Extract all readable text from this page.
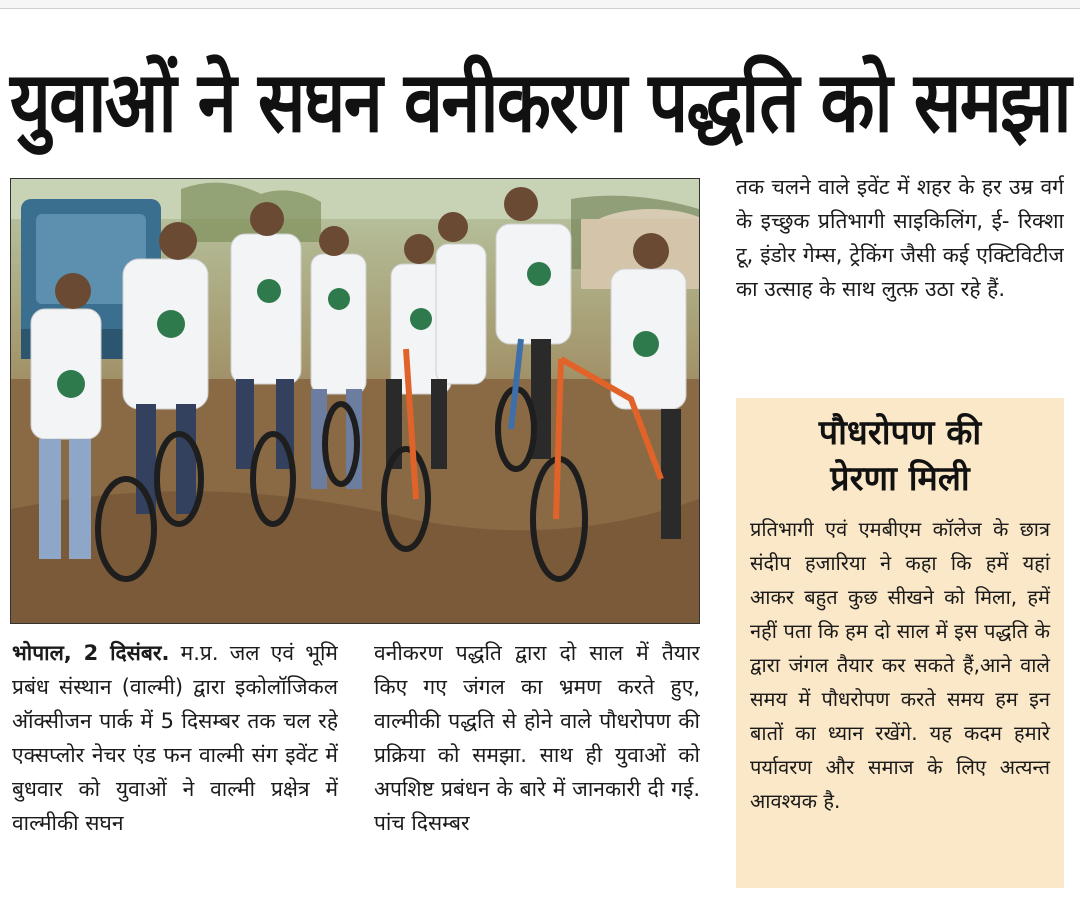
युवाओं ने सघन वनीकरण पद्धति को समझा

तक चलने वाले इवेंट में शहर के हर उम्र वर्ग के इच्छुक प्रतिभागी साइकिलिंग, ई- रिक्शा टू, इंडोर गेम्स, ट्रेकिंग जैसी कई एक्टिविटीज का उत्साह के साथ लुत्फ़ उठा रहे हैं.

पौधरोपण की
प्रेरणा मिली

प्रतिभागी एवं एमबीएम कॉलेज के छात्र संदीप हजारिया ने कहा कि हमें यहां आकर बहुत कुछ सीखने को मिला, हमें नहीं पता कि हम दो साल में इस पद्धति के द्वारा जंगल तैयार कर सकते हैं,आने वाले समय में पौधरोपण करते समय हम इन बातों का ध्यान रखेंगे. यह कदम हमारे पर्यावरण और समाज के लिए अत्यन्त आवश्यक है.

भोपाल, 2 दिसंबर. म.प्र. जल एवं भूमि प्रबंध संस्थान (वाल्मी) द्वारा इकोलॉजिकल ऑक्सीजन पार्क में 5 दिसम्बर तक चल रहे एक्सप्लोर नेचर एंड फन वाल्मी संग इवेंट में बुधवार को युवाओं ने वाल्मी प्रक्षेत्र में वाल्मीकी सघन

वनीकरण पद्धति द्वारा दो साल में तैयार किए गए जंगल का भ्रमण करते हुए, वाल्मीकी पद्धति से होने वाले पौधरोपण की प्रक्रिया को समझा. साथ ही युवाओं को अपशिष्ट प्रबंधन के बारे में जानकारी दी गई. पांच दिसम्बर
